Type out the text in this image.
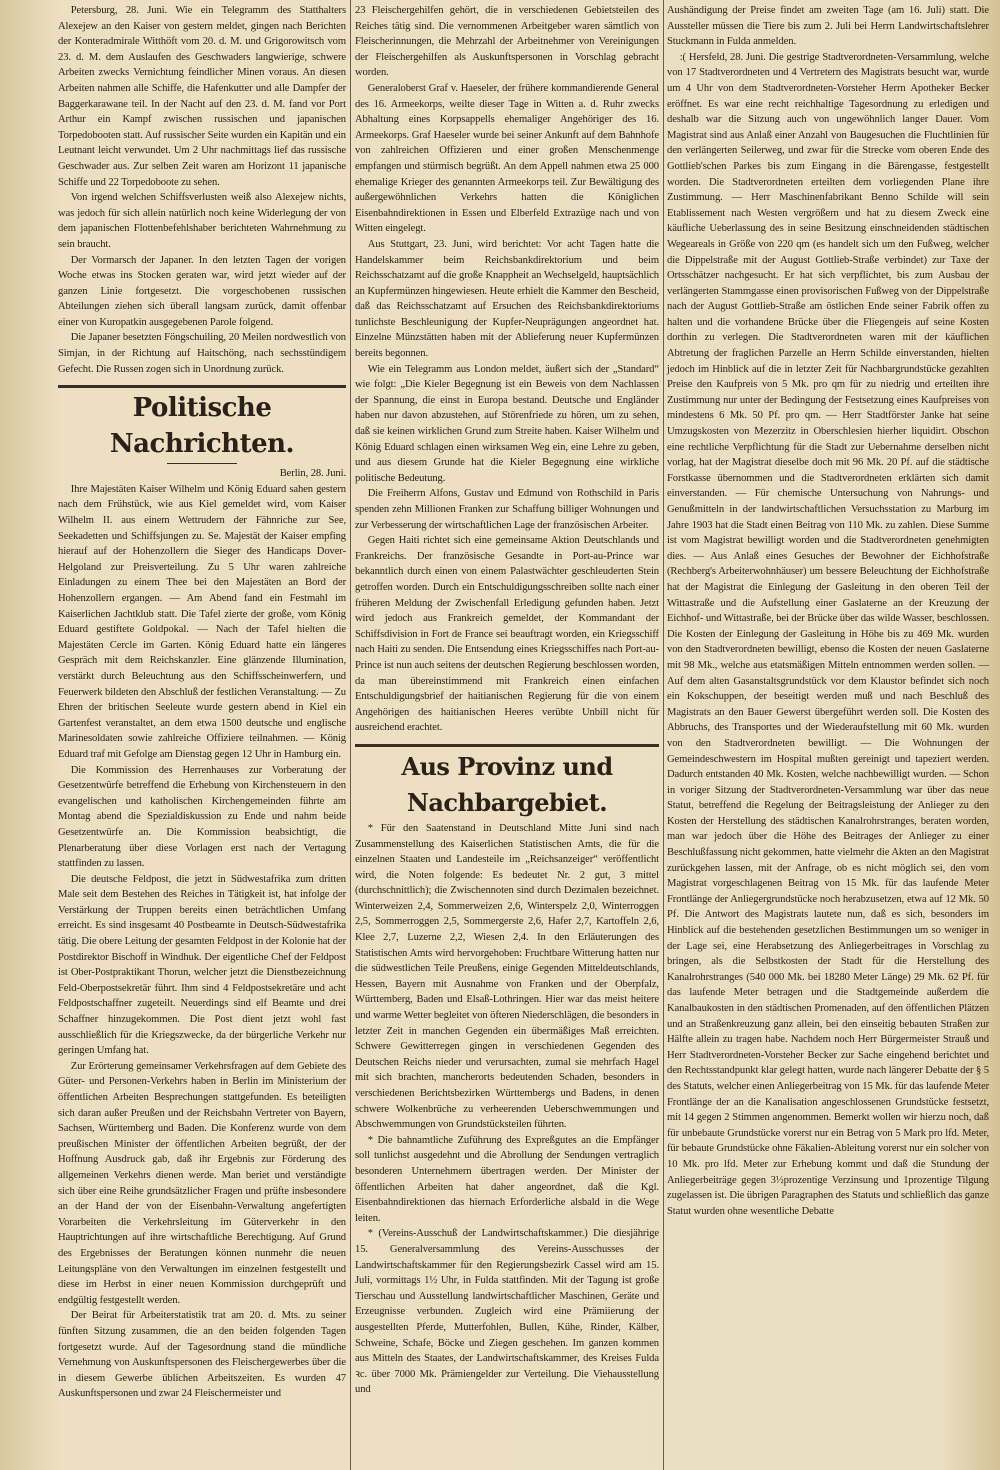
Petersburg, 28. Juni. Wie ein Telegramm des Statthalters Alexejew an den Kaiser von gestern meldet, gingen nach Berichten der Konteradmirale Witthöft vom 20. d. M. und Grigorowitsch vom 23. d. M. dem Auslaufen des Geschwaders langwierige, schwere Arbeiten zwecks Vernichtung feindlicher Minen voraus. An diesen Arbeiten nahmen alle Schiffe, die Hafenkutter und alle Dampfer der Baggerkarawane teil. In der Nacht auf den 23. d. M. fand vor Port Arthur ein Kampf zwischen russischen und japanischen Torpedobooten statt. Auf russischer Seite wurden ein Kapitän und ein Leutnant leicht verwundet. Um 2 Uhr nachmittags lief das russische Geschwader aus. Zur selben Zeit waren am Horizont 11 japanische Schiffe und 22 Torpedoboote zu sehen.

Von irgend welchen Schiffsverlusten weiß also Alexejew nichts, was jedoch für sich allein natürlich noch keine Widerlegung der von dem japanischen Flottenbefehlshaber berichteten Wahrnehmung zu sein braucht.

Der Vormarsch der Japaner. In den letzten Tagen der vorigen Woche etwas ins Stocken geraten war, wird jetzt wieder auf der ganzen Linie fortgesetzt. Die vorgeschobenen russischen Abteilungen ziehen sich überall langsam zurück, damit offenbar einer von Kuropatkin ausgegebenen Parole folgend.

Die Japaner besetzten Föngschuiling, 20 Meilen nordwestlich von Simjan, in der Richtung auf Haitschöng, nach sechsstündigem Gefecht. Die Russen zogen sich in Unordnung zurück.

Politische Nachrichten.
Berlin, 28. Juni.

Ihre Majestäten Kaiser Wilhelm und König Eduard sahen gestern nach dem Frühstück, wie aus Kiel gemeldet wird, vom Kaiser Wilhelm II. aus einem Wettrudern der Fähnriche zur See, Seekadetten und Schiffsjungen zu. Se. Majestät der Kaiser empfing hierauf auf der Hohenzollern die Sieger des Handicaps Dover-Helgoland zur Preisverteilung. Zu 5 Uhr waren zahlreiche Einladungen zu einem Thee bei den Majestäten an Bord der Hohenzollern ergangen. — Am Abend fand ein Festmahl im Kaiserlichen Jachtklub statt. Die Tafel zierte der große, vom König Eduard gestiftete Goldpokal. — Nach der Tafel hielten die Majestäten Cercle im Garten. König Eduard hatte ein längeres Gespräch mit dem Reichskanzler. Eine glänzende Illumination, verstärkt durch Beleuchtung aus den Schiffsscheinwerfern, und Feuerwerk bildeten den Abschluß der festlichen Veranstaltung. — Zu Ehren der britischen Seeleute wurde gestern abend in Kiel ein Gartenfest veranstaltet, an dem etwa 1500 deutsche und englische Marinesoldaten sowie zahlreiche Offiziere teilnahmen. — König Eduard traf mit Gefolge am Dienstag gegen 12 Uhr in Hamburg ein.

Die Kommission des Herrenhauses zur Vorberatung der Gesetzentwürfe betreffend die Erhebung von Kirchensteuern in den evangelischen und katholischen Kirchengemeinden führte am Montag abend die Spezialdiskussion zu Ende und nahm beide Gesetzentwürfe an. Die Kommission beabsichtigt, die Plenarberatung über diese Vorlagen erst nach der Vertagung stattfinden zu lassen.

Die deutsche Feldpost, die jetzt in Südwestafrika zum dritten Male seit dem Bestehen des Reiches in Tätigkeit ist, hat infolge der Verstärkung der Truppen bereits einen beträchtlichen Umfang erreicht. Es sind insgesamt 40 Postbeamte in Deutsch-Südwestafrika tätig. Die obere Leitung der gesamten Feldpost in der Kolonie hat der Postdirektor Bischoff in Windhuk. Der eigentliche Chef der Feldpost ist Ober-Postpraktikant Thorun, welcher jetzt die Dienstbezeichnung Feld-Oberpostsekretär führt. Ihm sind 4 Feldpostsekretäre und acht Feldpostschaffner zugeteilt. Neuerdings sind elf Beamte und drei Schaffner hinzugekommen. Die Post dient jetzt wohl fast ausschließlich für die Kriegszwecke, da der bürgerliche Verkehr nur geringen Umfang hat.

Zur Erörterung gemeinsamer Verkehrsfragen auf dem Gebiete des Güter- und Personen-Verkehrs haben in Berlin im Ministerium der öffentlichen Arbeiten Besprechungen stattgefunden. Es beteiligten sich daran außer Preußen und der Reichsbahn Vertreter von Bayern, Sachsen, Württemberg und Baden. Die Konferenz wurde von dem preußischen Minister der öffentlichen Arbeiten begrüßt, der der Hoffnung Ausdruck gab, daß ihr Ergebnis zur Förderung des allgemeinen Verkehrs dienen werde. Man beriet und verständigte sich über eine Reihe grundsätzlicher Fragen und prüfte insbesondere an der Hand der von der Eisenbahn-Verwaltung angefertigten Vorarbeiten die Verkehrsleitung im Güterverkehr in den Hauptrichtungen auf ihre wirtschaftliche Berechtigung. Auf Grund des Ergebnisses der Beratungen können nunmehr die neuen Leitungspläne von den Verwaltungen im einzelnen festgestellt und diese im Herbst in einer neuen Kommission durchgeprüft und endgültig festgestellt werden.

Der Beirat für Arbeiterstatistik trat am 20. d. Mts. zu seiner fünften Sitzung zusammen, die an den beiden folgenden Tagen fortgesetzt wurde. Auf der Tagesordnung stand die mündliche Vernehmung von Auskunftspersonen des Fleischergewerbes über die in diesem Gewerbe üblichen Arbeitszeiten. Es wurden 47 Auskunftspersonen und zwar 24 Fleischermeister und

23 Fleischergehilfen gehört, die in verschiedenen Gebietsteilen des Reiches tätig sind. Die vernommenen Arbeitgeber waren sämtlich von Fleischerinnungen, die Mehrzahl der Arbeitnehmer von Vereinigungen der Fleischergehilfen als Auskunftspersonen in Vorschlag gebracht worden.

Generaloberst Graf v. Haeseler, der frühere kommandierende General des 16. Armeekorps, weilte dieser Tage in Witten a. d. Ruhr zwecks Abhaltung eines Korpsappells ehemaliger Angehöriger des 16. Armeekorps. Graf Haeseler wurde bei seiner Ankunft auf dem Bahnhofe von zahlreichen Offizieren und einer großen Menschenmenge empfangen und stürmisch begrüßt. An dem Appell nahmen etwa 25 000 ehemalige Krieger des genannten Armeekorps teil. Zur Bewältigung des außergewöhnlichen Verkehrs hatten die Königlichen Eisenbahndirektionen in Essen und Elberfeld Extrazüge nach und von Witten eingelegt.

Aus Stuttgart, 23. Juni, wird berichtet: Vor acht Tagen hatte die Handelskammer beim Reichsbankdirektorium und beim Reichsschatzamt auf die große Knappheit an Wechselgeld, hauptsächlich an Kupfermünzen hingewiesen. Heute erhielt die Kammer den Bescheid, daß das Reichsschatzamt auf Ersuchen des Reichsbankdirektoriums tunlichste Beschleunigung der Kupfer-Neuprägungen angeordnet hat. Einzelne Münzstätten haben mit der Ablieferung neuer Kupfermünzen bereits begonnen.

Wie ein Telegramm aus London meldet, äußert sich der „Standard“ wie folgt: „Die Kieler Begegnung ist ein Beweis von dem Nachlassen der Spannung, die einst in Europa bestand. Deutsche und Engländer haben nur davon abzustehen, auf Störenfriede zu hören, um zu sehen, daß sie keinen wirklichen Grund zum Streite haben. Kaiser Wilhelm und König Eduard schlagen einen wirksamen Weg ein, eine Lehre zu geben, und aus diesem Grunde hat die Kieler Begegnung eine wirkliche politische Bedeutung.

Die Freiherrn Alfons, Gustav und Edmund von Rothschild in Paris spenden zehn Millionen Franken zur Schaffung billiger Wohnungen und zur Verbesserung der wirtschaftlichen Lage der französischen Arbeiter.

Gegen Haiti richtet sich eine gemeinsame Aktion Deutschlands und Frankreichs. Der französische Gesandte in Port-au-Prince war bekanntlich durch einen von einem Palastwächter geschleuderten Stein getroffen worden. Durch ein Entschuldigungsschreiben sollte nach einer früheren Meldung der Zwischenfall Erledigung gefunden haben. Jetzt wird jedoch aus Frankreich gemeldet, der Kommandant der Schiffsdivision in Fort de France sei beauftragt worden, ein Kriegsschiff nach Haiti zu senden. Die Entsendung eines Kriegsschiffes nach Port-au-Prince ist nun auch seitens der deutschen Regierung beschlossen worden, da man übereinstimmend mit Frankreich einen einfachen Entschuldigungsbrief der haitianischen Regierung für die von einem Angehörigen des haitianischen Heeres verübte Unbill nicht für ausreichend erachtet.

Aus Provinz und Nachbargebiet.

* Für den Saatenstand in Deutschland Mitte Juni sind nach Zusammenstellung des Kaiserlichen Statistischen Amts, die für die einzelnen Staaten und Landesteile im „Reichsanzeiger“ veröffentlicht wird, die Noten folgende: Es bedeutet Nr. 2 gut, 3 mittel (durchschnittlich); die Zwischennoten sind durch Dezimalen bezeichnet. Winterweizen 2,4, Sommerweizen 2,6, Winterspelz 2,0, Winterroggen 2,5, Sommerroggen 2,5, Sommergerste 2,6, Hafer 2,7, Kartoffeln 2,6, Klee 2,7, Luzerne 2,2, Wiesen 2,4. In den Erläuterungen des Statistischen Amts wird hervorgehoben: Fruchtbare Witterung hatten nur die südwestlichen Teile Preußens, einige Gegenden Mitteldeutschlands, Hessen, Bayern mit Ausnahme von Franken und der Oberpfalz, Württemberg, Baden und Elsaß-Lothringen. Hier war das meist heitere und warme Wetter begleitet von öfteren Niederschlägen, die besonders in letzter Zeit in manchen Gegenden ein übermäßiges Maß erreichten. Schwere Gewitterregen gingen in verschiedenen Gegenden des Deutschen Reichs nieder und verursachten, zumal sie mehrfach Hagel mit sich brachten, mancherorts bedeutenden Schaden, besonders in verschiedenen Berichtsbezirken Württembergs und Badens, in denen schwere Wolkenbrüche zu verheerenden Ueberschwemmungen und Abschwemmungen von Grundstücksteilen führten.

* Die bahnamtliche Zuführung des Expreßgutes an die Empfänger soll tunlichst ausgedehnt und die Abrollung der Sendungen vertraglich besonderen Unternehmern übertragen werden. Der Minister der öffentlichen Arbeiten hat daher angeordnet, daß die Kgl. Eisenbahndirektionen das hiernach Erforderliche alsbald in die Wege leiten.

* (Vereins-Ausschuß der Landwirtschaftskammer.) Die diesjährige 15. Generalversammlung des Vereins-Ausschusses der Landwirtschaftskammer für den Regierungsbezirk Cassel wird am 15. Juli, vormittags 1½ Uhr, in Fulda stattfinden. Mit der Tagung ist große Tierschau und Ausstellung landwirtschaftlicher Maschinen, Geräte und Erzeugnisse verbunden. Zugleich wird eine Prämiierung der ausgestellten Pferde, Mutterfohlen, Bullen, Kühe, Rinder, Kälber, Schweine, Schafe, Böcke und Ziegen geschehen. Im ganzen kommen aus Mitteln des Staates, der Landwirtschaftskammer, des Kreises Fulda ꝛc. über 7000 Mk. Prämiengelder zur Verteilung. Die Viehausstellung und

Aushändigung der Preise findet am zweiten Tage (am 16. Juli) statt. Die Aussteller müssen die Tiere bis zum 2. Juli bei Herrn Landwirtschaftslehrer Stuckmann in Fulda anmelden.

:( Hersfeld, 28. Juni. Die gestrige Stadtverordneten-Versammlung, welche von 17 Stadtverordneten und 4 Vertretern des Magistrats besucht war, wurde um 4 Uhr von dem Stadtverordneten-Vorsteher Herrn Apotheker Becker eröffnet. Es war eine recht reichhaltige Tagesordnung zu erledigen und deshalb war die Sitzung auch von ungewöhnlich langer Dauer. Vom Magistrat sind aus Anlaß einer Anzahl von Baugesuchen die Fluchtlinien für den verlängerten Seilerweg, und zwar für die Strecke vom oberen Ende des Gottlieb'schen Parkes bis zum Eingang in die Bärengasse, festgestellt worden. Die Stadtverordneten erteilten dem vorliegenden Plane ihre Zustimmung. — Herr Maschinenfabrikant Benno Schilde will sein Etablissement nach Westen vergrößern und hat zu diesem Zweck eine käufliche Ueberlassung des in seine Besitzung einschneidenden städtischen Wegeareals in Größe von 220 qm (es handelt sich um den Fußweg, welcher die Dippelstraße mit der August Gottlieb-Straße verbindet) zur Taxe der Ortsschätzer nachgesucht. Er hat sich verpflichtet, bis zum Ausbau der verlängerten Stammgasse einen provisorischen Fußweg von der Dippelstraße nach der August Gottlieb-Straße am östlichen Ende seiner Fabrik offen zu halten und die vorhandene Brücke über die Fliegengeis auf seine Kosten dorthin zu verlegen. Die Stadtverordneten waren mit der käuflichen Abtretung der fraglichen Parzelle an Herrn Schilde einverstanden, hielten jedoch im Hinblick auf die in letzter Zeit für Nachbargrundstücke gezahlten Preise den Kaufpreis von 5 Mk. pro qm für zu niedrig und erteilten ihre Zustimmung nur unter der Bedingung der Festsetzung eines Kaufpreises von mindestens 6 Mk. 50 Pf. pro qm. — Herr Stadtförster Janke hat seine Umzugskosten von Mezerzitz in Oberschlesien hierher liquidirt. Obschon eine rechtliche Verpflichtung für die Stadt zur Uebernahme derselben nicht vorlag, hat der Magistrat dieselbe doch mit 96 Mk. 20 Pf. auf die städtische Forstkasse übernommen und die Stadtverordneten erklärten sich damit einverstanden. — Für chemische Untersuchung von Nahrungs- und Genußmitteln in der landwirtschaftlichen Versuchsstation zu Marburg im Jahre 1903 hat die Stadt einen Beitrag von 110 Mk. zu zahlen. Diese Summe ist vom Magistrat bewilligt worden und die Stadtverordneten genehmigten dies. — Aus Anlaß eines Gesuches der Bewohner der Eichhofstraße (Rechberg's Arbeiterwohnhäuser) um bessere Beleuchtung der Eichhofstraße hat der Magistrat die Einlegung der Gasleitung in den oberen Teil der Wittastraße und die Aufstellung einer Gaslaterne an der Kreuzung der Eichhof- und Wittastraße, bei der Brücke über das wilde Wasser, beschlossen. Die Kosten der Einlegung der Gasleitung in Höhe bis zu 469 Mk. wurden von den Stadtverordneten bewilligt, ebenso die Kosten der neuen Gaslaterne mit 98 Mk., welche aus etatsmäßigen Mitteln entnommen werden sollen. — Auf dem alten Gasanstaltsgrundstück vor dem Klaustor befindet sich noch ein Kokschuppen, der beseitigt werden muß und nach Beschluß des Magistrats an den Bauer Gewerst übergeführt werden soll. Die Kosten des Abbruchs, des Transportes und der Wiederaufstellung mit 60 Mk. wurden von den Stadtverordneten bewilligt. — Die Wohnungen der Gemeindeschwestern im Hospital mußten gereinigt und tapeziert werden. Dadurch entstanden 40 Mk. Kosten, welche nachbewilligt wurden. — Schon in voriger Sitzung der Stadtverordneten-Versammlung war über das neue Statut, betreffend die Regelung der Beitragsleistung der Anlieger zu den Kosten der Herstellung des städtischen Kanalrohrstranges, beraten worden, man war jedoch über die Höhe des Beitrages der Anlieger zu einer Beschlußfassung nicht gekommen, hatte vielmehr die Akten an den Magistrat zurückgehen lassen, mit der Anfrage, ob es nicht möglich sei, den vom Magistrat vorgeschlagenen Beitrag von 15 Mk. für das laufende Meter Frontlänge der Anliegergrundstücke noch herabzusetzen, etwa auf 12 Mk. 50 Pf. Die Antwort des Magistrats lautete nun, daß es sich, besonders im Hinblick auf die bestehenden gesetzlichen Bestimmungen um so weniger in der Lage sei, eine Herabsetzung des Anliegerbeitrages in Vorschlag zu bringen, als die Selbstkosten der Stadt für die Herstellung des Kanalrohrstranges (540 000 Mk. bei 18280 Meter Länge) 29 Mk. 62 Pf. für das laufende Meter betragen und die Stadtgemeinde außerdem die Kanalbaukosten in den städtischen Promenaden, auf den öffentlichen Plätzen und an Straßenkreuzung ganz allein, bei den einseitig bebauten Straßen zur Hälfte allein zu tragen habe. Nachdem noch Herr Bürgermeister Strauß und Herr Stadtverordneten-Vorsteher Becker zur Sache eingehend berichtet und den Rechtsstandpunkt klar gelegt hatten, wurde nach längerer Debatte der § 5 des Statuts, welcher einen Anliegerbeitrag von 15 Mk. für das laufende Meter Frontlänge der an die Kanalisation angeschlossenen Grundstücke festsetzt, mit 14 gegen 2 Stimmen angenommen. Bemerkt wollen wir hierzu noch, daß für unbebaute Grundstücke vorerst nur ein Betrag von 5 Mark pro lfd. Meter, für bebaute Grundstücke ohne Fäkalien-Ableitung vorerst nur ein solcher von 10 Mk. pro lfd. Meter zur Erhebung kommt und daß die Stundung der Anliegerbeiträge gegen 3½prozentige Verzinsung und 1prozentige Tilgung zugelassen ist. Die übrigen Paragraphen des Statuts und schließlich das ganze Statut wurden ohne wesentliche Debatte
